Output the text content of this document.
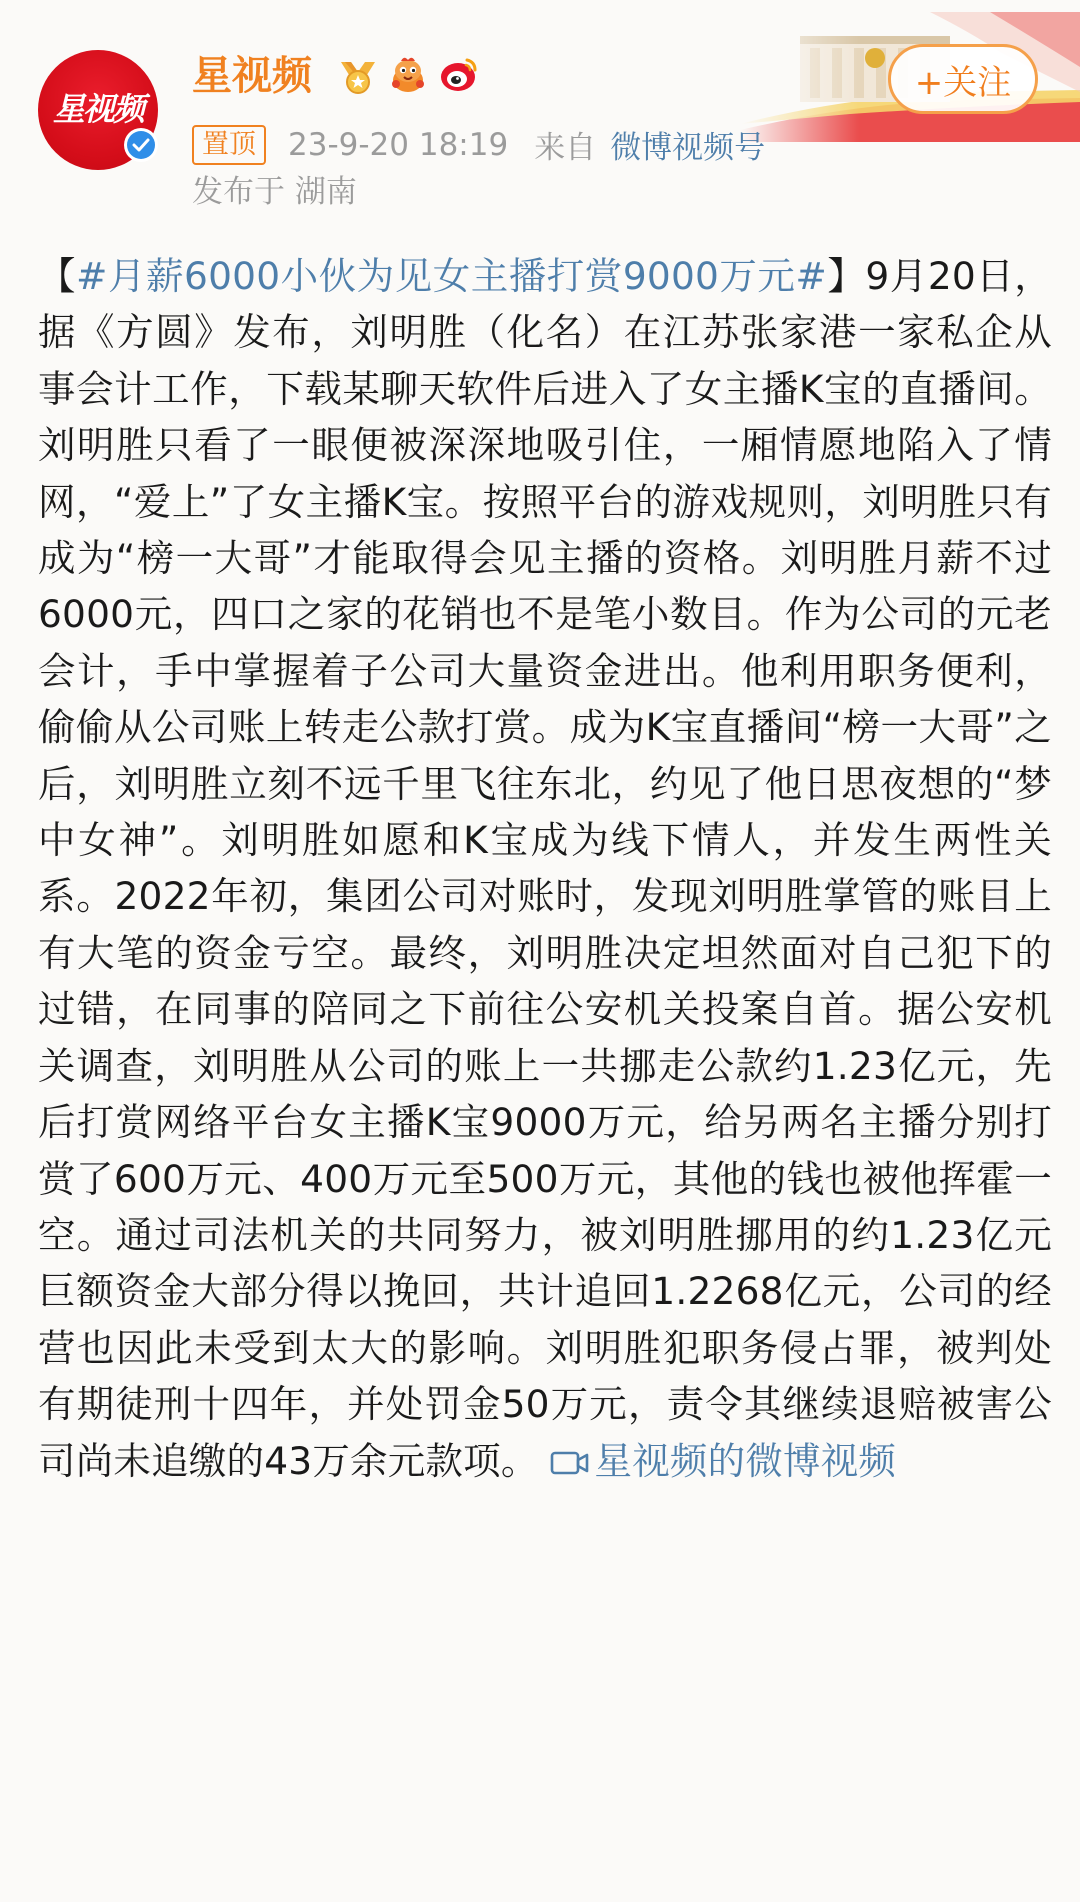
星视频
星视频	+关注
置顶	23-9-20 18:19 来自 微博视频号
发布于 湖南
【#月薪6000小伙为见女主播打赏9000万元#】9月20日，据《方圆》发布，刘明胜（化名）在江苏张家港一家私企从事会计工作，下载某聊天软件后进入了女主播K宝的直播间。刘明胜只看了一眼便被深深地吸引住，一厢情愿地陷入了情网，“爱上”了女主播K宝。按照平台的游戏规则，刘明胜只有成为“榜一大哥”才能取得会见主播的资格。刘明胜月薪不过6000元，四口之家的花销也不是笔小数目。作为公司的元老会计，手中掌握着子公司大量资金进出。他利用职务便利，偷偷从公司账上转走公款打赏。成为K宝直播间“榜一大哥”之后，刘明胜立刻不远千里飞往东北，约见了他日思夜想的“梦中女神”。刘明胜如愿和K宝成为线下情人，并发生两性关系。2022年初，集团公司对账时，发现刘明胜掌管的账目上有大笔的资金亏空。最终，刘明胜决定坦然面对自己犯下的过错，在同事的陪同之下前往公安机关投案自首。据公安机关调查，刘明胜从公司的账上一共挪走公款约1.23亿元，先后打赏网络平台女主播K宝9000万元，给另两名主播分别打赏了600万元、400万元至500万元，其他的钱也被他挥霍一空。通过司法机关的共同努力，被刘明胜挪用的约1.23亿元巨额资金大部分得以挽回，共计追回1.2268亿元，公司的经营也因此未受到太大的影响。刘明胜犯职务侵占罪，被判处有期徒刑十四年，并处罚金50万元，责令其继续退赔被害公司尚未追缴的43万余元款项。 星视频的微博视频
